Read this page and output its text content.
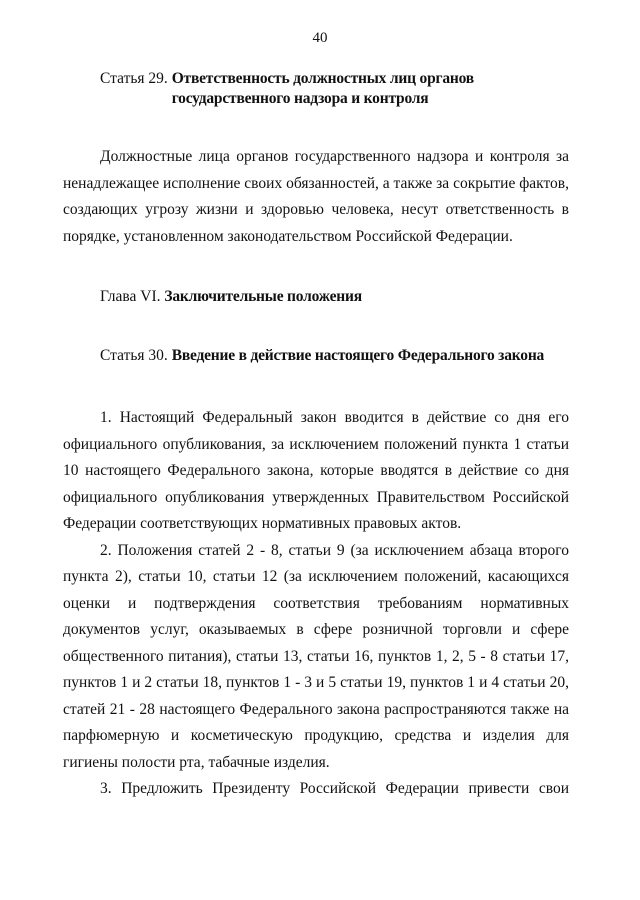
40
Статья 29.
Ответственность должностных лиц органов государственного надзора и контроля

Должностные лица органов государственного надзора и контроля за ненадлежащее исполнение своих обязанностей, а также за сокрытие фактов, создающих угрозу жизни и здоровью человека, несут ответственность в порядке, установленном законодательством Российской Федерации.

Глава VI.
Заключительные положения
Статья 30.
Введение в действие настоящего Федерального закона

1. Настоящий Федеральный закон вводится в действие со дня его официального опубликования, за исключением положений пункта 1 статьи 10 настоящего Федерального закона, которые вводятся в действие со дня официального опубликования утвержденных Правительством Российской Федерации соответствующих нормативных правовых актов.

2. Положения статей 2 - 8, статьи 9 (за исключением абзаца второго пункта 2), статьи 10, статьи 12 (за исключением положений, касающихся оценки и подтверждения соответствия требованиям нормативных документов услуг, оказываемых в сфере розничной торговли и сфере общественного питания), статьи 13, статьи 16, пунктов 1, 2, 5 - 8 статьи 17, пунктов 1 и 2 статьи 18, пунктов 1 - 3 и 5 статьи 19, пунктов 1 и 4 статьи 20, статей 21 - 28 настоящего Федерального закона распространяются также на парфюмерную и косметическую продукцию, средства и изделия для гигиены полости рта, табачные изделия.

3. Предложить Президенту Российской Федерации привести свои
